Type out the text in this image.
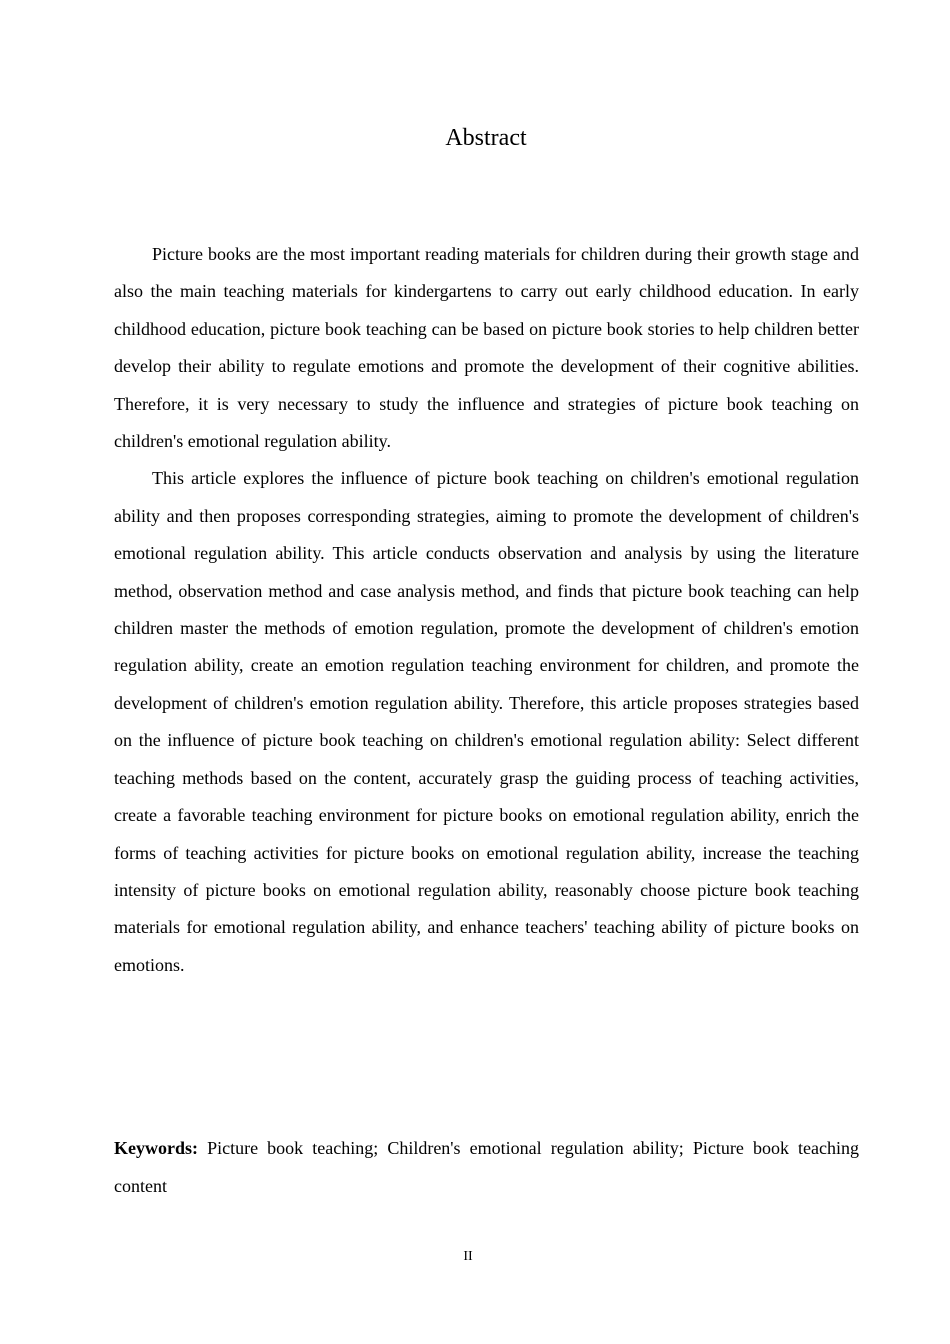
Abstract

Picture books are the most important reading materials for children during their growth stage and also the main teaching materials for kindergartens to carry out early childhood education. In early childhood education, picture book teaching can be based on picture book stories to help children better develop their ability to regulate emotions and promote the development of their cognitive abilities. Therefore, it is very necessary to study the influence and strategies of picture book teaching on children's emotional regulation ability.

This article explores the influence of picture book teaching on children's emotional regulation ability and then proposes corresponding strategies, aiming to promote the development of children's emotional regulation ability. This article conducts observation and analysis by using the literature method, observation method and case analysis method, and finds that picture book teaching can help children master the methods of emotion regulation, promote the development of children's emotion regulation ability, create an emotion regulation teaching environment for children, and promote the development of children's emotion regulation ability. Therefore, this article proposes strategies based on the influence of picture book teaching on children's emotional regulation ability: Select different teaching methods based on the content, accurately grasp the guiding process of teaching activities, create a favorable teaching environment for picture books on emotional regulation ability, enrich the forms of teaching activities for picture books on emotional regulation ability, increase the teaching intensity of picture books on emotional regulation ability, reasonably choose picture book teaching materials for emotional regulation ability, and enhance teachers' teaching ability of picture books on emotions.

Keywords: Picture book teaching; Children's emotional regulation ability; Picture book teaching content

II
